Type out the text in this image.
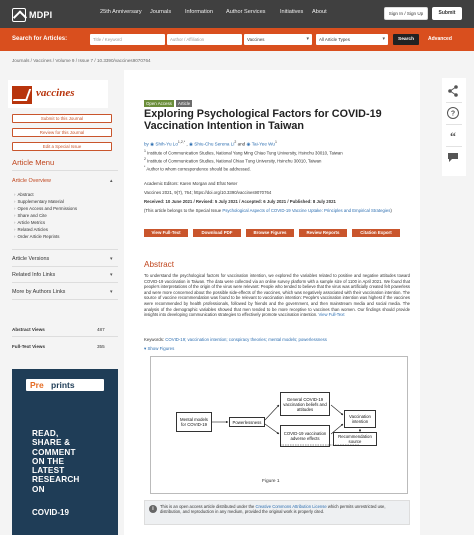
MDPI	25th Anniversary	Journals	Information	Author Services	Initiatives	About	Sign In / Sign Up	Submit
Search for Articles:	Title / Keyword	Author / Affiliation	Vaccines	▾	All Article Types	▾	Search	Advanced
Journals / Vaccines / Volume 9 / Issue 7 / 10.3390/vaccines9070764
vaccines
Submit to this Journal
Review for this Journal
Edit a Special Issue
Article Menu
Article Overview	▴
› Abstract
› Supplementary Material
› Open Access and Permissions
› Share and Cite
› Article Metrics
› Related Articles
› Order Article Reprints
Article Versions	▾
Related Info Links	▾
More by Authors Links	▾
Abstract Views	487
Full-Text Views	355
Pre prints
READ,
SHARE &
COMMENT
ON THE
LATEST
RESEARCH
ON
COVID-19
Open Access	Article
Exploring Psychological Factors for COVID-19 Vaccination Intention in Taiwan
by ◉ Shih-Yu $Lo^{1,2,*}$ , ◉ Shiu-Chu Serena Li$^2$ and ◉ Tai-Yee Wu$^1$
$^1$ Institute of Communication Studies, National Yang Ming Chiao Tung University, Hsinchu 30010, Taiwan
$^2$ Institute of Communication Studies, National Chiao Tung University, Hsinchu 30010, Taiwan
* Author to whom correspondence should be addressed.
Academic Editors: Karen Morgan and Efrat Neter
Vaccines 2021, 9(7), 764; https://doi.org/10.3390/vaccines9070764
Received: 10 June 2021 / Revised: 5 July 2021 / Accepted: 6 July 2021 / Published: 8 July 2021
(This article belongs to the Special Issue Psychological Aspects of COVID-19 Vaccine Uptake: Principles and Empirical Strategies)
View Full-Text	Download PDF	Browse Figures	Review Reports	Citation Export
Abstract
To understand the psychological factors for vaccination intention, we explored the variables related to positive and negative attitudes toward COVID-19 vaccination in Taiwan. The data were collected via an online survey platform with a sample size of 1100 in April 2021. We found that people's interpretations of the origin of the virus were relevant: People who tended to believe that the virus was artificially created felt powerless and were more concerned about the possible side-effects of the vaccines, which was negatively associated with their vaccination intention. The source of vaccine recommendation was found to be relevant to vaccination intention: People's vaccination intention was highest if the vaccines were recommended by health professionals, followed by friends and the government, and then mainstream media and social media. The analysis of the demographic variables showed that men tended to be more receptive to vaccines than women. Our findings should provide insights into developing communication strategies to effectively promote vaccination intention. View Full-Text
Keywords: COVID-19; vaccination intention; conspiracy theories; mental models; powerlessness
▾ Show Figures
Mental models for COVID-19	Powerlessness
General COVID-19 vaccination beliefs and attitudes
COVID-19 vaccination adverse effects
Vaccination intention
Recommendation source
Figure 1
i	This is an open access article distributed under the Creative Commons Attribution License which permits unrestricted use, distribution, and reproduction in any medium, provided the original work is properly cited.
?
“
